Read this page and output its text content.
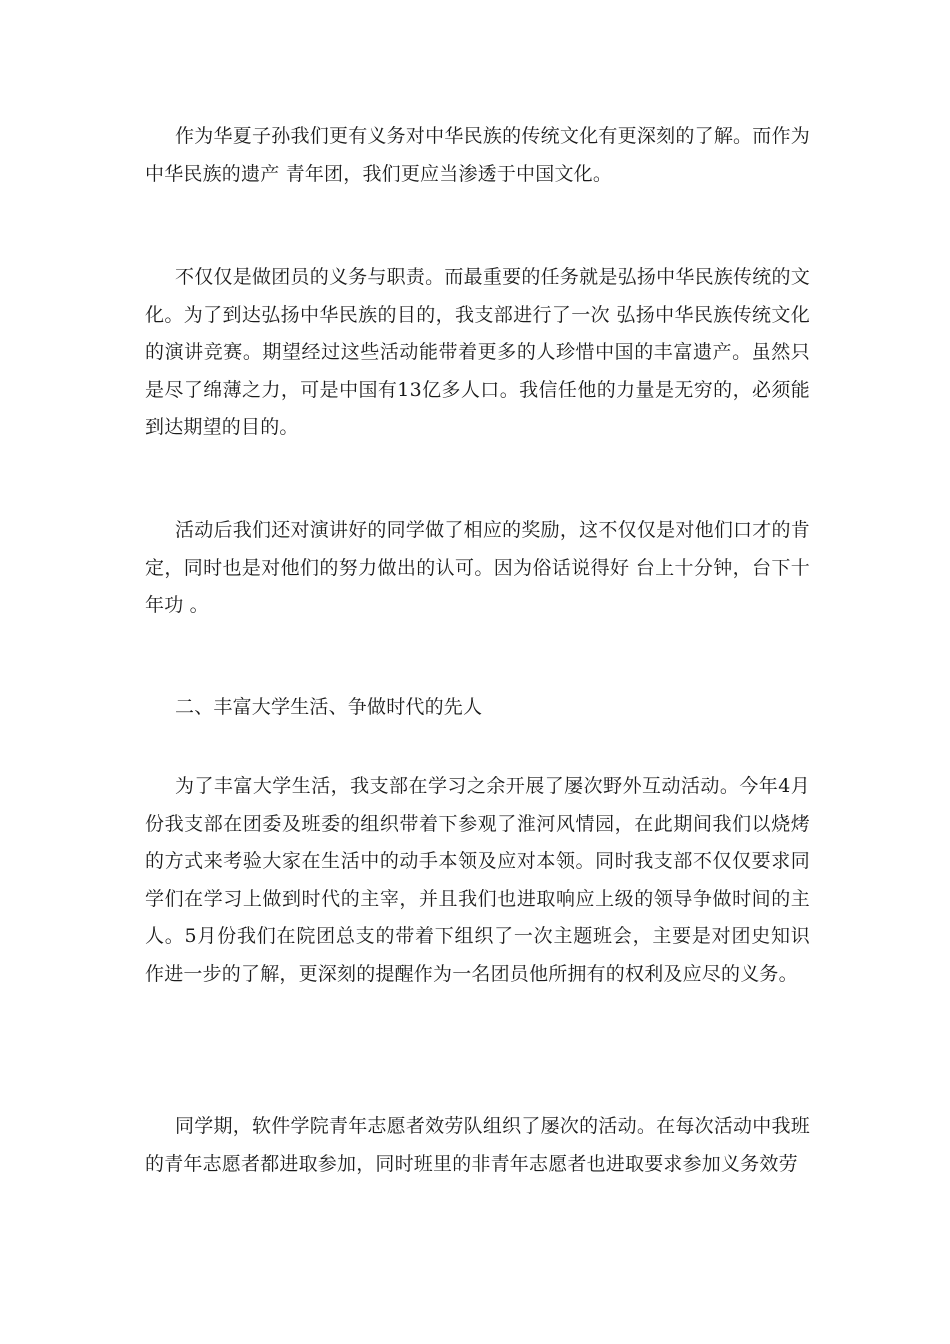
作为华夏子孙我们更有义务对中华民族的传统文化有更深刻的了解。而作为中华民族的遗产 青年团，我们更应当渗透于中国文化。

不仅仅是做团员的义务与职责。而最重要的任务就是弘扬中华民族传统的文化。为了到达弘扬中华民族的目的，我支部进行了一次 弘扬中华民族传统文化的演讲竞赛。期望经过这些活动能带着更多的人珍惜中国的丰富遗产。虽然只是尽了绵薄之力，可是中国有13亿多人口。我信任他的力量是无穷的，必须能到达期望的目的。

活动后我们还对演讲好的同学做了相应的奖励，这不仅仅是对他们口才的肯定，同时也是对他们的努力做出的认可。因为俗话说得好 台上十分钟，台下十年功 。

二、丰富大学生活、争做时代的先人

为了丰富大学生活，我支部在学习之余开展了屡次野外互动活动。今年4月份我支部在团委及班委的组织带着下参观了淮河风情园，在此期间我们以烧烤的方式来考验大家在生活中的动手本领及应对本领。同时我支部不仅仅要求同学们在学习上做到时代的主宰，并且我们也进取响应上级的领导争做时间的主人。5月份我们在院团总支的带着下组织了一次主题班会，主要是对团史知识作进一步的了解，更深刻的提醒作为一名团员他所拥有的权利及应尽的义务。

同学期，软件学院青年志愿者效劳队组织了屡次的活动。在每次活动中我班的青年志愿者都进取参加，同时班里的非青年志愿者也进取要求参加义务效劳
